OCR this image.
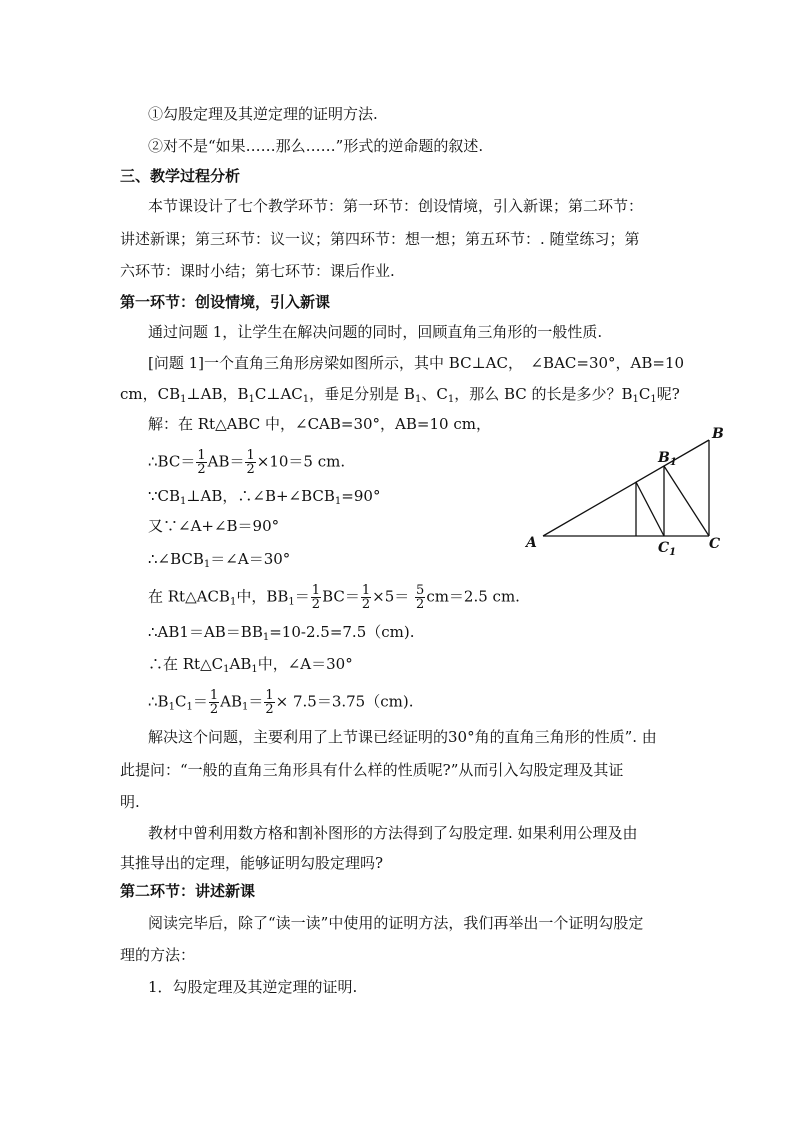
①勾股定理及其逆定理的证明方法.
②对不是“如果……那么……”形式的逆命题的叙述.
三、教学过程分析
本节课设计了七个教学环节：第一环节：创设情境，引入新课；第二环节：
讲述新课；第三环节：议一议；第四环节：想一想；第五环节：. 随堂练习；第
六环节：课时小结；第七环节：课后作业.
第一环节：创设情境，引入新课
通过问题 1，让学生在解决问题的同时，回顾直角三角形的一般性质.
[问题 1]一个直角三角形房梁如图所示，其中 BC⊥AC，　∠BAC=30°，AB=10
cm，$CB_1\perp AB$，$B_1C\perp AC_1$，垂足分别是 $B_1$、$C_1$，那么 BC 的长是多少？$B_1C_1$呢?
解：在 Rt△ABC 中，∠CAB=30°，AB=10 cm，
∴BC＝ $\frac{1}{2} AB= \frac{1}{2} \times 10=5$ cm.
$\because CB_1\perp AB$，$\therefore\angle B+\angle BCB_1=90^\circ$
又∵∠A+∠B＝90°
$\therefore\angle BCB_1=\angle A=30^\circ$
在 $Rt\triangle ACB_1$中，$BB_1= \frac{1}{2} BC= \frac{1}{2} \times 5= \frac{5}{2} cm=2.5$ cm.
$\therefore AB1=AB=BB_1=10-2.5=7.5(cm)$.
∴在 $Rt\triangle C_1AB_1$中，∠A＝30°
$\therefore B_1C_1= \frac{1}{2} AB_1= \frac{1}{2} \times 7.5=3.75(cm)$.
解决这个问题，主要利用了上节课已经证明的30°角的直角三角形的性质”. 由
此提问：“一般的直角三角形具有什么样的性质呢?”从而引入勾股定理及其证
明.
教材中曾利用数方格和割补图形的方法得到了勾股定理. 如果利用公理及由
其推导出的定理，能够证明勾股定理吗?
第二环节：讲述新课
阅读完毕后，除了“读一读”中使用的证明方法，我们再举出一个证明勾股定
理的方法：
1．勾股定理及其逆定理的证明.
A
B
C
$B_1$
$C_1$
